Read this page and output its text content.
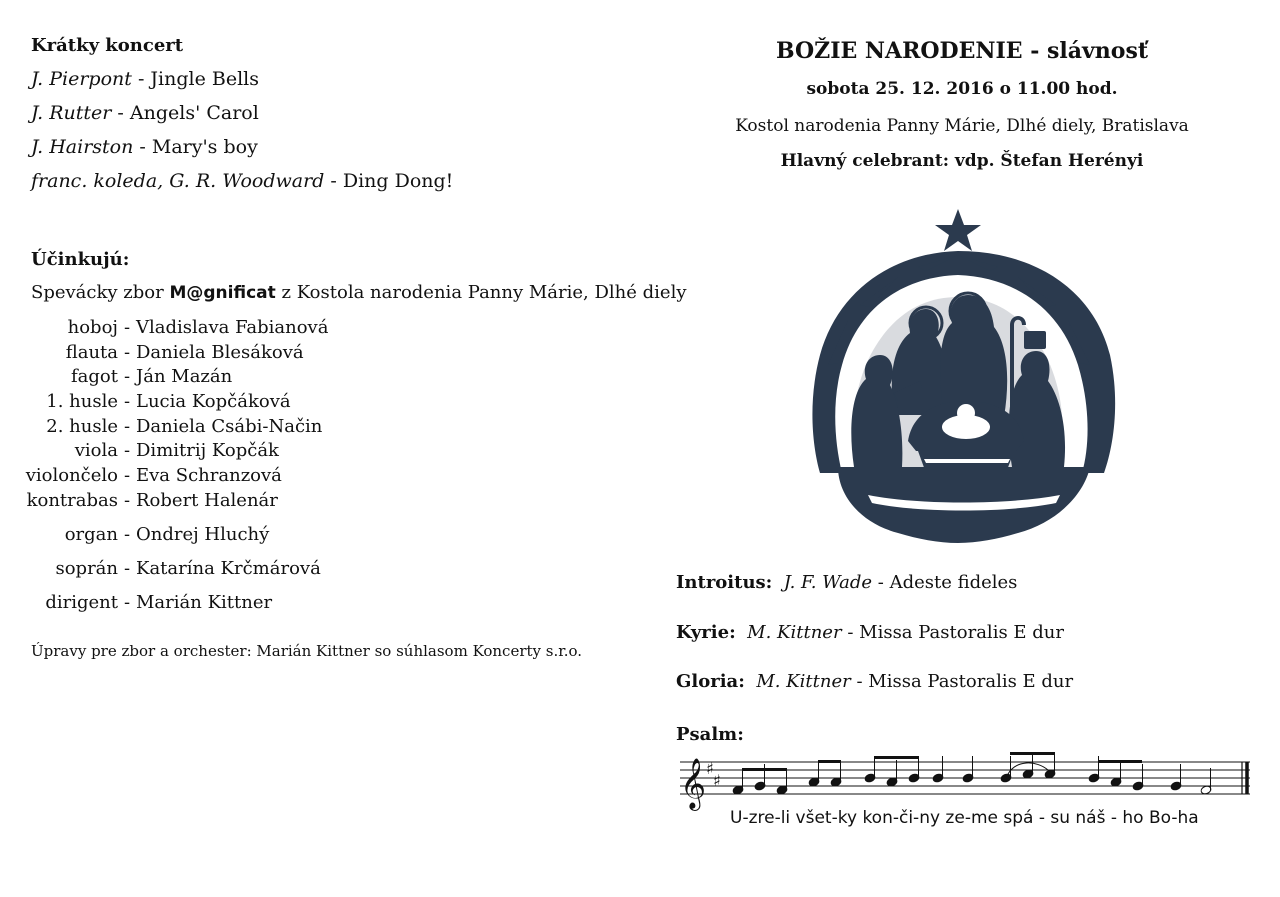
Krátky koncert
J. Pierpont - Jingle Bells
J. Rutter - Angels' Carol
J. Hairston - Mary's boy
franc. koleda, G. R. Woodward - Ding Dong!
Účinkujú:
Spevácky zbor M@gnificat z Kostola narodenia Panny Márie, Dlhé diely
hoboj - Vladislava Fabianová
flauta - Daniela Blesáková
fagot - Ján Mazán
1. husle - Lucia Kopčáková
2. husle - Daniela Csábi-Način
viola - Dimitrij Kopčák
violončelo - Eva Schranzová
kontrabas - Robert Halenár
organ - Ondrej Hluchý
soprán - Katarína Krčmárová
dirigent - Marián Kittner
Úpravy pre zbor a orchester: Marián Kittner so súhlasom Koncerty s.r.o.
BOŽIE NARODENIE - slávnosť
sobota 25. 12. 2016 o 11.00 hod.
Kostol narodenia Panny Márie, Dlhé diely, Bratislava
Hlavný celebrant: vdp. Štefan Herényi
Introitus: J. F. Wade - Adeste fideles
Kyrie: M. Kittner - Missa Pastoralis E dur
Gloria: M. Kittner - Missa Pastoralis E dur
Psalm:
𝄞 ♯
♯
U-zre-li všet-ky kon-či-ny ze-me spá - su náš - ho Bo-ha
